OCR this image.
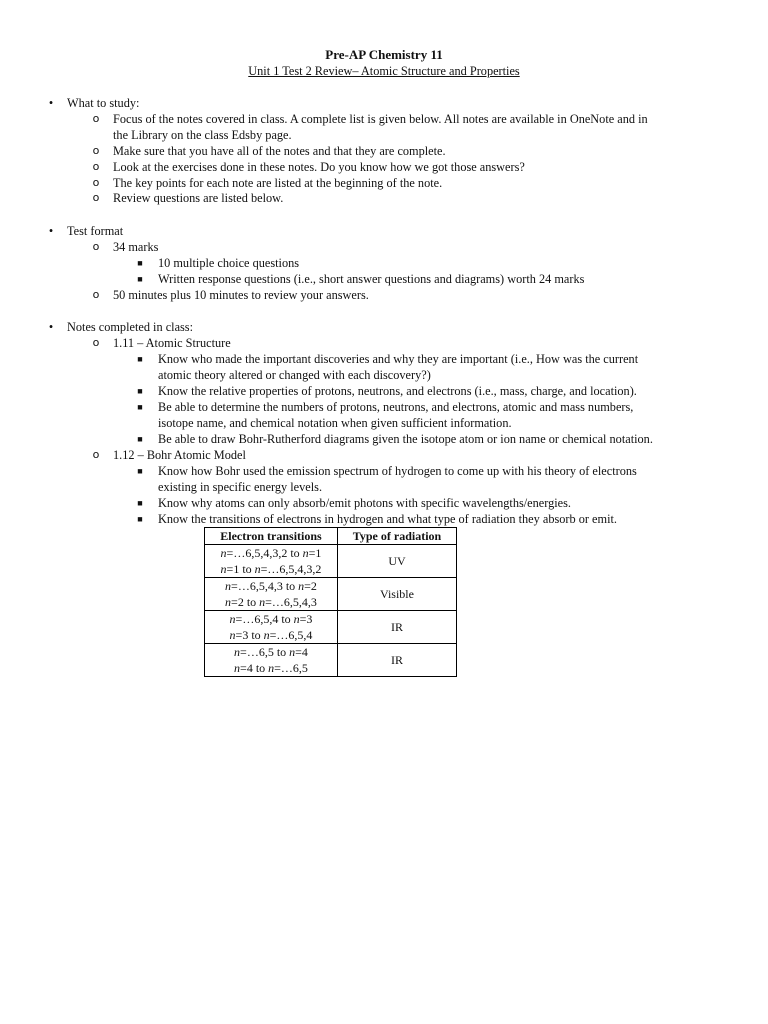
Pre-AP Chemistry 11
Unit 1 Test 2 Review– Atomic Structure and Properties
• What to study:
o Focus of the notes covered in class. A complete list is given below. All notes are available in OneNote and in
the Library on the class Edsby page.
o Make sure that you have all of the notes and that they are complete.
o Look at the exercises done in these notes. Do you know how we got those answers?
o The key points for each note are listed at the beginning of the note.
o Review questions are listed below.
• Test format
o 34 marks
■ 10 multiple choice questions
■ Written response questions (i.e., short answer questions and diagrams) worth 24 marks
o 50 minutes plus 10 minutes to review your answers.
• Notes completed in class:
o 1.11 – Atomic Structure
■ Know who made the important discoveries and why they are important (i.e., How was the current
atomic theory altered or changed with each discovery?)
■ Know the relative properties of protons, neutrons, and electrons (i.e., mass, charge, and location).
■ Be able to determine the numbers of protons, neutrons, and electrons, atomic and mass numbers,
isotope name, and chemical notation when given sufficient information.
■ Be able to draw Bohr-Rutherford diagrams given the isotope atom or ion name or chemical notation.
o 1.12 – Bohr Atomic Model
■ Know how Bohr used the emission spectrum of hydrogen to come up with his theory of electrons
existing in specific energy levels.
■ Know why atoms can only absorb/emit photons with specific wavelengths/energies.
■ Know the transitions of electrons in hydrogen and what type of radiation they absorb or emit.
Electron transitions	Type of radiation

n=…6,5,4,3,2 to n=1
n=1 to n=…6,5,4,3,2	UV

n=…6,5,4,3 to n=2
n=2 to n=…6,5,4,3	Visible

n=…6,5,4 to n=3
n=3 to n=…6,5,4	IR

n=…6,5 to n=4
n=4 to n=…6,5	IR
